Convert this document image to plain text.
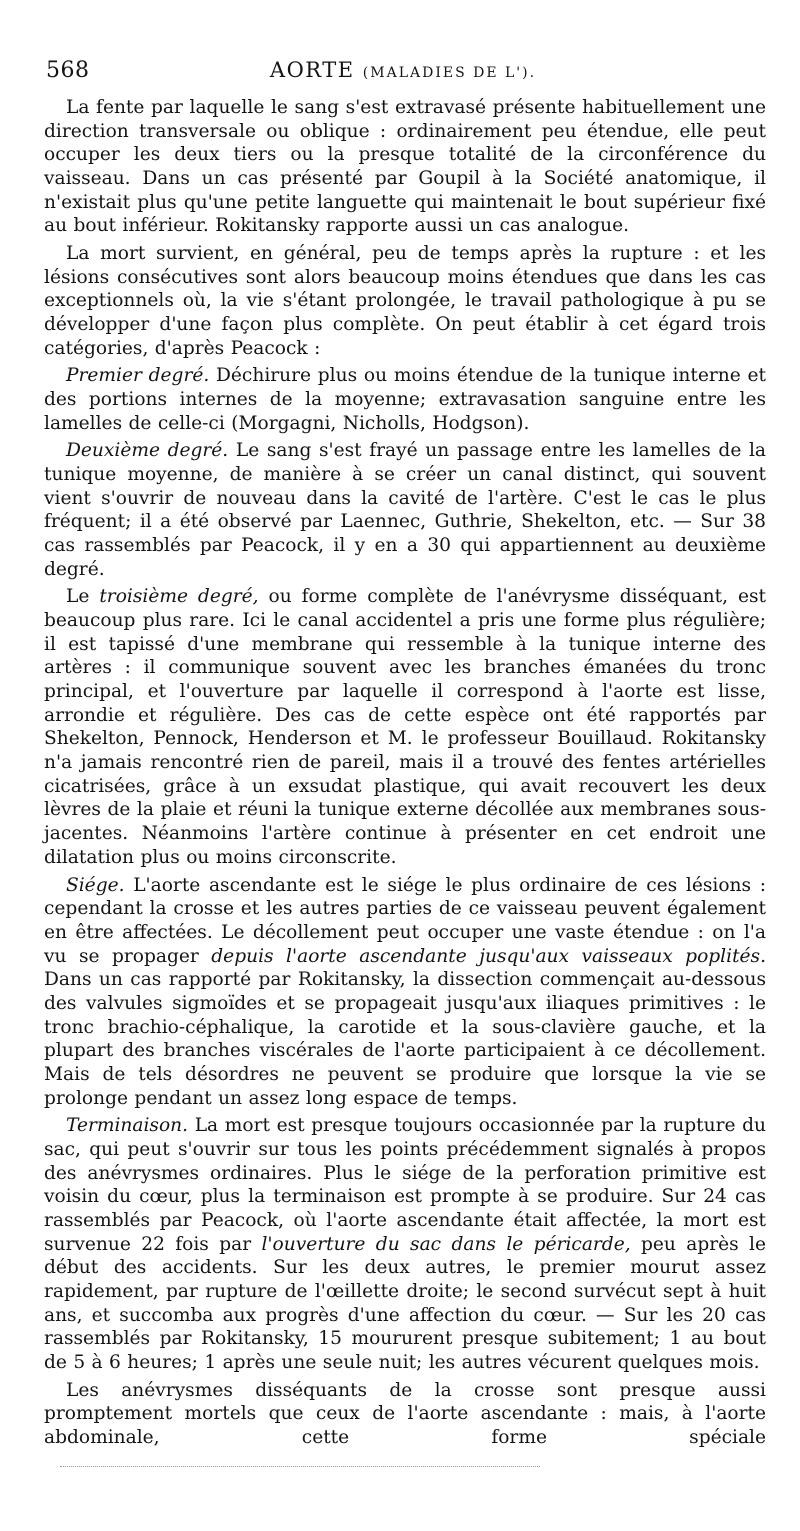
568	AORTE (MALADIES DE L').

La fente par laquelle le sang s'est extravasé présente habituellement une direction transversale ou oblique : ordinairement peu étendue, elle peut occuper les deux tiers ou la presque totalité de la circonférence du vaisseau. Dans un cas présenté par Goupil à la Société anatomique, il n'existait plus qu'une petite languette qui maintenait le bout supérieur fixé au bout inférieur. Rokitansky rapporte aussi un cas analogue.

La mort survient, en général, peu de temps après la rupture : et les lésions consécutives sont alors beaucoup moins étendues que dans les cas exceptionnels où, la vie s'étant prolongée, le travail pathologique à pu se développer d'une façon plus complète. On peut établir à cet égard trois catégories, d'après Peacock :

Premier degré. Déchirure plus ou moins étendue de la tunique interne et des portions internes de la moyenne; extravasation sanguine entre les lamelles de celle-ci (Morgagni, Nicholls, Hodgson).

Deuxième degré. Le sang s'est frayé un passage entre les lamelles de la tunique moyenne, de manière à se créer un canal distinct, qui souvent vient s'ouvrir de nouveau dans la cavité de l'artère. C'est le cas le plus fréquent; il a été observé par Laennec, Guthrie, Shekelton, etc. — Sur 38 cas rassemblés par Peacock, il y en a 30 qui appartiennent au deuxième degré.

Le troisième degré, ou forme complète de l'anévrysme disséquant, est beaucoup plus rare. Ici le canal accidentel a pris une forme plus régulière; il est tapissé d'une membrane qui ressemble à la tunique interne des artères : il communique souvent avec les branches émanées du tronc principal, et l'ouverture par laquelle il correspond à l'aorte est lisse, arrondie et régulière. Des cas de cette espèce ont été rapportés par Shekelton, Pennock, Henderson et M. le professeur Bouillaud. Rokitansky n'a jamais rencontré rien de pareil, mais il a trouvé des fentes artérielles cicatrisées, grâce à un exsudat plastique, qui avait recouvert les deux lèvres de la plaie et réuni la tunique externe décollée aux membranes sous-jacentes. Néanmoins l'artère continue à présenter en cet endroit une dilatation plus ou moins circonscrite.

Siége. L'aorte ascendante est le siége le plus ordinaire de ces lésions : cependant la crosse et les autres parties de ce vaisseau peuvent également en être affectées. Le décollement peut occuper une vaste étendue : on l'a vu se propager depuis l'aorte ascendante jusqu'aux vaisseaux poplités. Dans un cas rapporté par Rokitansky, la dissection commençait au-dessous des valvules sigmoïdes et se propageait jusqu'aux iliaques primitives : le tronc brachio-céphalique, la carotide et la sous-clavière gauche, et la plupart des branches viscérales de l'aorte participaient à ce décollement. Mais de tels désordres ne peuvent se produire que lorsque la vie se prolonge pendant un assez long espace de temps.

Terminaison. La mort est presque toujours occasionnée par la rupture du sac, qui peut s'ouvrir sur tous les points précédemment signalés à propos des anévrysmes ordinaires. Plus le siége de la perforation primitive est voisin du cœur, plus la terminaison est prompte à se produire. Sur 24 cas rassemblés par Peacock, où l'aorte ascendante était affectée, la mort est survenue 22 fois par l'ouverture du sac dans le péricarde, peu après le début des accidents. Sur les deux autres, le premier mourut assez rapidement, par rupture de l'œillette droite; le second survécut sept à huit ans, et succomba aux progrès d'une affection du cœur. — Sur les 20 cas rassemblés par Rokitansky, 15 moururent presque subitement; 1 au bout de 5 à 6 heures; 1 après une seule nuit; les autres vécurent quelques mois.

Les anévrysmes disséquants de la crosse sont presque aussi promptement mortels que ceux de l'aorte ascendante : mais, à l'aorte abdominale, cette forme spéciale
